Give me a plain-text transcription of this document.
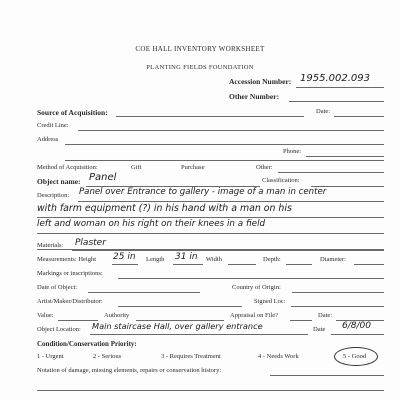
COE HALL INVENTORY WORKSHEET
PLANTING FIELDS FOUNDATION
Accession Number: 1955.002.093
Other Number:
Source of Acquisition:	Date:
Credit Line:
Address
Phone:
Method of Acquisition:	Gift	Purchase	Other:
Object name: Panel	Classification:
Description: Panel over Entrance to gallery - image of a man in center
with farm equipment (?) in his hand with a man on his
left and woman on his right on their knees in a field
Materials: Plaster
Measurements: Height 25 in Length 31 in Width	Depth:	Diameter:
Markings or inscriptions:
Date of Object:	Country of Origin:
Artist/Maker/Distributor:	Signed Loc:
Value:	Authority	Appraisal on File?	Date:
Object Location: Main staircase Hall, over gallery entrance	Date 6/8/00
Condition/Conservation Priority:
1 - Urgent	2 - Serious	3 - Requires Treatment	4 - Needs Work	5 - Good
Notation of damage, missing elements, repairs or conservation history:
